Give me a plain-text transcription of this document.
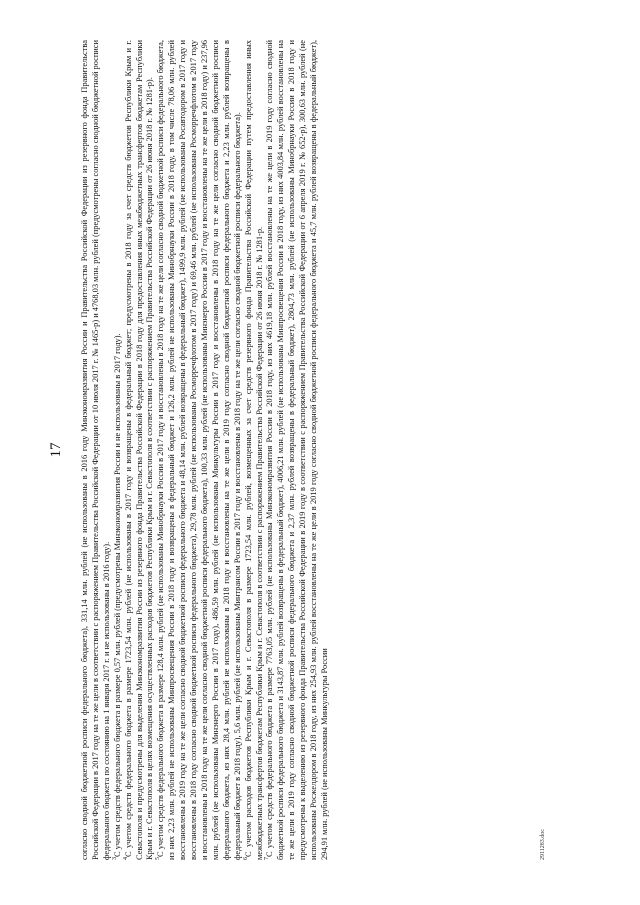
17 согласно сводной бюджетной росписи федерального бюджета), 331,14 млн. рублей (не использованы в 2016 году Минэкономразвития России и Правительства Российской Федерации из резервного фонда Правительства Российской Федерации в 2017 году на те же цели в соответствии с распоряжением Правительства Российской Федерации от 10 июля 2017 г. № 1465-р) и 4768,03 млн. рублей (предусмотрены согласно сводной бюджетной росписи федерального бюджета по состоянию на 1 января 2017 г. и не использованы в 2016 году). $^3$С учетом средств федерального бюджета в размере 0,57 млн. рублей (предусмотрены Минэкономразвития России и не использованы в 2017 году).

$^4$С учетом средств федерального бюджета в размере 1723,54 млн. рублей (не использованы в 2017 году и возвращены в федеральный бюджет; предусмотрены в 2018 году за счет средств бюджетов Республики Крым и г. Севастополя и предусмотрены для выделения Минэкономразвития России из резервного фонда Правительства Российской Федерации в 2018 году для предоставления иных межбюджетных трансфертов бюджетам Республики Крым и г. Севастополя в целях возмещения осуществленных расходов бюджетов Республики Крым и г. Севастополя в соответствии с распоряжением Правительства Российской Федерации от 26 июня 2018 г. № 1281-р). $^5$С учетом средств федерального бюджета в размере 128,4 млн. рублей (не использованы Минобрнауки России в 2017 году и восстановлены в 2018 году на те же цели согласно сводной бюджетной росписи федерального бюджета, из них 2,23 млн. рублей не использованы Минпросвещения России в 2018 году и возвращены в федеральный бюджет и 126,2 млн. рублей не использованы Минобрнауки России в 2018 году, в том числе 78,06 млн. рублей восстановлены в 2019 году на те же цели согласно сводной бюджетной росписи федерального бюджета и 48,14 млн. рублей возвращены в федеральный бюджет), 1499,9 млн. рублей (не использованы Росавтодором в 2017 году и восстановлены в 2018 году согласно сводной бюджетной росписи федерального бюджета), 29,78 млн. рублей (не использованы Росморречфлотом в 2017 году) и 69,46 млн. рублей (не использованы Росморречфлотом в 2017 году и восстановлены в 2018 году на те же цели согласно сводной бюджетной росписи федерального бюджета), 100,33 млн. рублей (не использованы Минэнерго России в 2017 году и восстановлены на те же цели в 2018 году) и 237,96 млн. рублей (не использованы Минэнерго России в 2017 году), 486,59 млн. рублей (не использованы Минкультуры России в 2017 году и восстановлены в 2018 году на те же цели согласно сводной бюджетной росписи федерального бюджета, из них 28,4 млн. рублей не использованы в 2018 году и восстановлены на те же цели в 2019 году согласно сводной бюджетной росписи федерального бюджета и 2,23 млн. рублей возвращены в федеральный бюджет в 2018 году), 5,6 млн. рублей (не использованы Минтрансом России в 2017 году и восстановлены в 2018 году на те же цели согласно сводной бюджетной росписи федерального бюджета). $^6$С учетом расходов бюджетов Республики Крым и г. Севастополя в размере 1723,54 млн. рублей, возмещенных за счет средств резервного фонда Правительства Российской Федерации путем предоставления иных межбюджетных трансфертов бюджетам Республики Крым и г. Севастополя в соответствии с распоряжением Правительства Российской Федерации от 26 июня 2018 г. № 1281-р. $^7$С учетом средств федерального бюджета в размере 7763,05 млн. рублей (не использованы Минэкономразвития России в 2018 году, из них 4619,18 млн. рублей восстановлены на те же цели в 2019 году согласно сводной бюджетной росписи федерального бюджета и 3143,87 млн. рублей возвращены в федеральный бюджет), 4006,21 млн. рублей (не использованы Минпросвещения России в 2018 году, из них 4003,84 млн. рублей восстановлены на те же цели в 2019 году согласно сводной бюджетной росписи федерального бюджета и 2,37 млн. рублей возвращены в федеральный бюджет), 2804,73 млн. рублей (не использованы Минобрнауки России в 2018 году и предусмотрены к выделению из резервного фонда Правительства Российской Федерации в 2019 году в соответствии с распоряжением Правительства Российской Федерации от 6 апреля 2019 г. № 652-р), 300,63 млн. рублей (не использованы Росжелдором в 2018 году, из них 254,93 млн. рублей восстановлены на те же цели в 2019 году согласно сводной бюджетной росписи федерального бюджета и 45,7 млн. рублей возвращены в федеральный бюджет), 294,91 млн. рублей (не использованы Минкультуры России	2911283.doc
